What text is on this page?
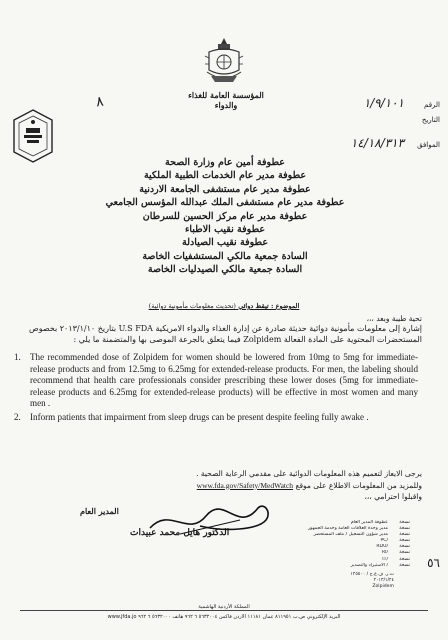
المؤسسة العامة للغذاء والدواء
٨	الرقم
١/٩/١٠١
التاريخ
الموافق
١٤/١٨/٣١٣
عطوفة أمين عام وزارة الصحة
عطوفة مدير عام الخدمات الطبية الملكية
عطوفة مدير عام مستشفى الجامعة الاردنية
عطوفة مدير عام مستشفى الملك عبدالله المؤسس الجامعي
عطوفة مدير عام مركز الحسين للسرطان
عطوفة نقيب الاطباء
عطوفة نقيب الصيادلة
السادة جمعية مالكي المستشفيات الخاصة
السادة جمعية مالكي الصيدليات الخاصة
الموضوع : تيقظ دوائي (تحديث معلومات مأمونية دوائية)
تحية طيبة وبعد ،،،
إشارة إلى معلومات مأمونية دوائية حديثة صادرة عن إدارة الغذاء والدواء الامريكية U.S FDA بتاريخ ٢٠١٣/١/١٠ بخصوص المستحضرات المحتوية على المادة الفعالة Zolpidem فيما يتعلق بالجرعة الموصى بها والمتضمنة ما يلي :
1.	The recommended dose of Zolpidem for women should be lowered from 10mg to 5mg for immediate-release products and from 12.5mg to 6.25mg for extended-release products. For men, the labeling should recommend that health care professionals consider prescribing these lower doses (5mg for immediate-release products and 6.25mg for extended-release products) will be effective in most women and many men .
2.	Inform patients that impairment from sleep drugs can be present despite feeling fully awake .
يرجى الايعاز لتعميم هذه المعلومات الدوائية على مقدمي الرعاية الصحية .
وللمزيد من المعلومات الاطلاع على موقع www.fda.gov/Safety/MedWatch
واقبلوا احترامي ،،،
المدير العام
الدكتور هايل محمد عبيدات
نسخة
عطوفة المدير العام
نسخة
مدير وحدة العلاقات العامة وخدمة الجمهور
نسخة
مدير شؤون التسجيل / ملف المستحضر
نسخة
/PC
نسخة
/RDU
نسخة
/RI
نسخة
/IT
نسخة
/ الاستيراد والتصدير	٥٦
ت.ر. ف.ع.ح / ١٢٥٥٠٠
٢٠١٣/١/٢٤
Zolpidem
المملكة الأردنية الهاشمية
www.jfda.jo البريد الإلكتروني ص.ب ٨١١٩٥١ عمان ١١١٨١ الأردن فاكس ٥٦٣٢٠٠٤ ٦ ٩٦٢ هاتف ٥٦٣٢٠٠٠ ٦ ٩٦٢
